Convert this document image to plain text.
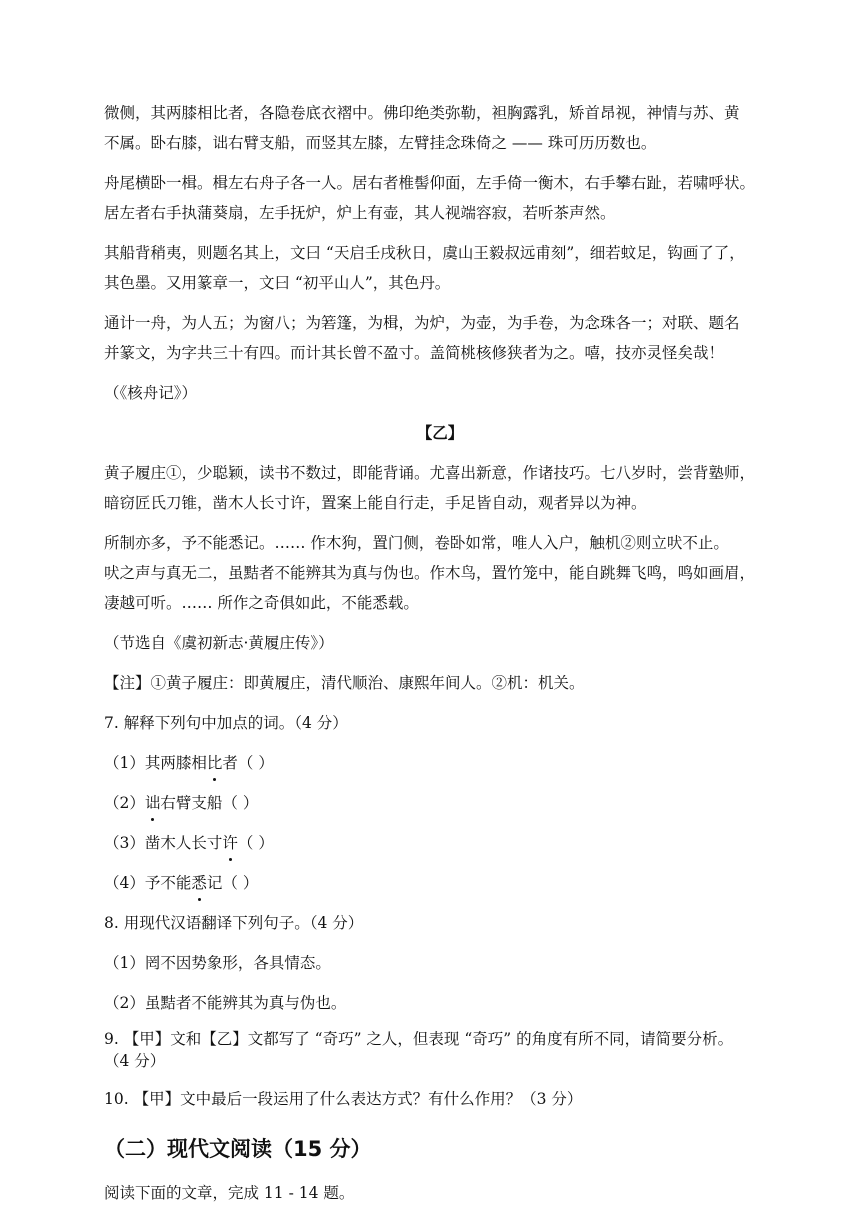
微侧，其两膝相比者，各隐卷底衣褶中。佛印绝类弥勒，袒胸露乳，矫首昂视，神情与苏、黄
不属。卧右膝，诎右臂支船，而竖其左膝，左臂挂念珠倚之 —— 珠可历历数也。

舟尾横卧一楫。楫左右舟子各一人。居右者椎髻仰面，左手倚一衡木，右手攀右趾，若啸呼状。
居左者右手执蒲葵扇，左手抚炉，炉上有壶，其人视端容寂，若听茶声然。

其船背稍夷，则题名其上，文曰 “天启壬戌秋日，虞山王毅叔远甫刻”，细若蚊足，钩画了了，
其色墨。又用篆章一，文曰 “初平山人”，其色丹。

通计一舟，为人五；为窗八；为箬篷，为楫，为炉，为壶，为手卷，为念珠各一；对联、题名
并篆文，为字共三十有四。而计其长曾不盈寸。盖简桃核修狭者为之。嘻，技亦灵怪矣哉！

（《核舟记》）

【乙】

黄子履庄①，少聪颖，读书不数过，即能背诵。尤喜出新意，作诸技巧。七八岁时，尝背塾师，
暗窃匠氏刀锥，凿木人长寸许，置案上能自行走，手足皆自动，观者异以为神。

所制亦多，予不能悉记。…… 作木狗，置门侧，卷卧如常，唯人入户，触机②则立吠不止。
吠之声与真无二，虽黠者不能辨其为真与伪也。作木鸟，置竹笼中，能自跳舞飞鸣，鸣如画眉，
凄越可听。…… 所作之奇俱如此，不能悉载。

（节选自《虞初新志·黄履庄传》）

【注】①黄子履庄：即黄履庄，清代顺治、康熙年间人。②机：机关。

7. 解释下列句中加点的词。（4 分）

（1）其两膝相比者（ ）

（2）诎右臂支船（ ）

（3）凿木人长寸许（ ）

（4）予不能悉记（ ）

8. 用现代汉语翻译下列句子。（4 分）

（1）罔不因势象形，各具情态。

（2）虽黠者不能辨其为真与伪也。

9. 【甲】文和【乙】文都写了 “奇巧” 之人，但表现 “奇巧” 的角度有所不同，请简要分析。
（4 分）

10. 【甲】文中最后一段运用了什么表达方式？有什么作用？（3 分）

（二）现代文阅读（15 分）

阅读下面的文章，完成 11 - 14 题。
